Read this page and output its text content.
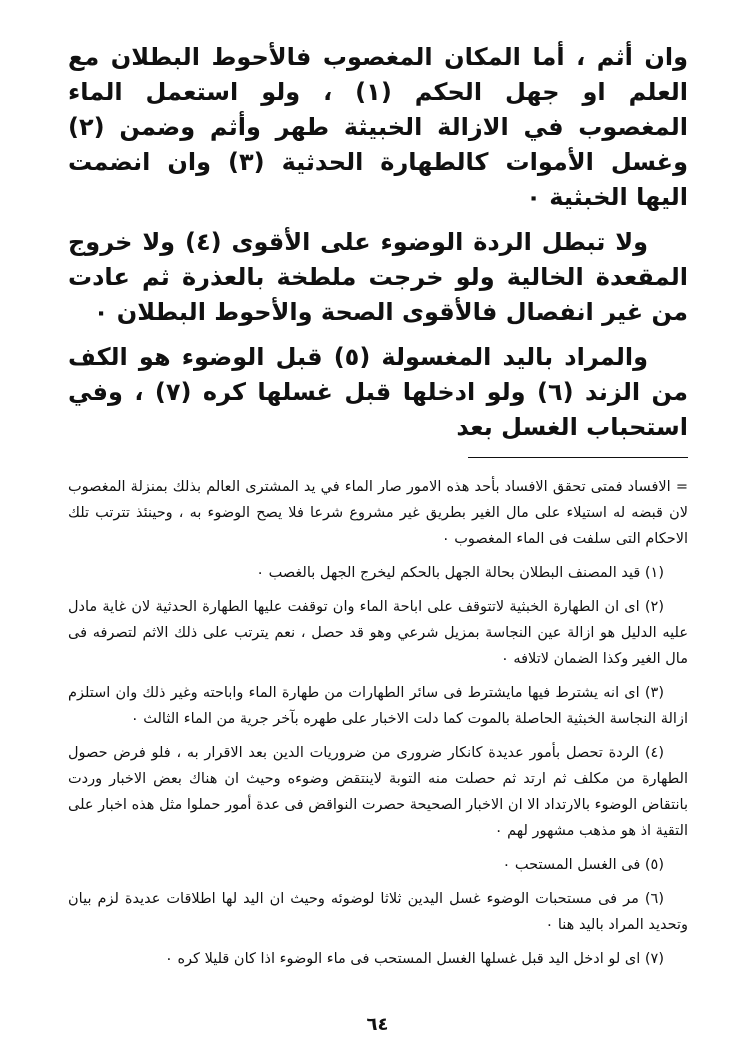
وان أثم ، أما المكان المغصوب فالأحوط البطلان مع العلم او جهل الحكم (١) ، ولو استعمل الماء المغصوب في الازالة الخبيثة طهر وأثم وضمن (٢) وغسل الأموات كالطهارة الحدثية (٣) وان انضمت اليها الخبثية ٠

ولا تبطل الردة الوضوء على الأقوى (٤) ولا خروج المقعدة الخالية ولو خرجت ملطخة بالعذرة ثم عادت من غير انفصال فالأقوى الصحة والأحوط البطلان ٠

والمراد باليد المغسولة (٥) قبل الوضوء هو الكف من الزند (٦) ولو ادخلها قبل غسلها كره (٧) ، وفي استحباب الغسل بعد

= الافساد فمتى تحقق الافساد بأحد هذه الامور صار الماء في يد المشترى العالم بذلك بمنزلة المغصوب لان قبضه له استيلاء على مال الغير بطريق غير مشروع شرعا فلا يصح الوضوء به ، وحينئذ تترتب تلك الاحكام التى سلفت فى الماء المغصوب ٠

(١) قيد المصنف البطلان بحالة الجهل بالحكم ليخرج الجهل بالغصب ٠

(٢) اى ان الطهارة الخبثية لاتتوقف على اباحة الماء وان توقفت عليها الطهارة الحدثية لان غاية مادل عليه الدليل هو ازالة عين النجاسة بمزيل شرعي وهو قد حصل ، نعم يترتب على ذلك الاثم لتصرفه فى مال الغير وكذا الضمان لاتلافه ٠

(٣) اى انه يشترط فيها مايشترط فى سائر الطهارات من طهارة الماء واباحته وغير ذلك وان استلزم ازالة النجاسة الخبثية الحاصلة بالموت كما دلت الاخبار على طهره بآخر جرية من الماء الثالث ٠

(٤) الردة تحصل بأمور عديدة كانكار ضرورى من ضروريات الدين بعد الاقرار به ، فلو فرض حصول الطهارة من مكلف ثم ارتد ثم حصلت منه التوبة لاينتقض وضوءه وحيث ان هناك بعض الاخبار وردت بانتقاض الوضوء بالارتداد الا ان الاخبار الصحيحة حصرت النواقض فى عدة أمور حملوا مثل هذه اخبار على التقية اذ هو مذهب مشهور لهم ٠

(٥) فى الغسل المستحب ٠

(٦) مر فى مستحبات الوضوء غسل اليدين ثلاثا لوضوئه وحيث ان اليد لها اطلاقات عديدة لزم بيان وتحديد المراد باليد هنا ٠

(٧) اى لو ادخل اليد قبل غسلها الغسل المستحب فى ماء الوضوء اذا كان قليلا كره ٠

٦٤
